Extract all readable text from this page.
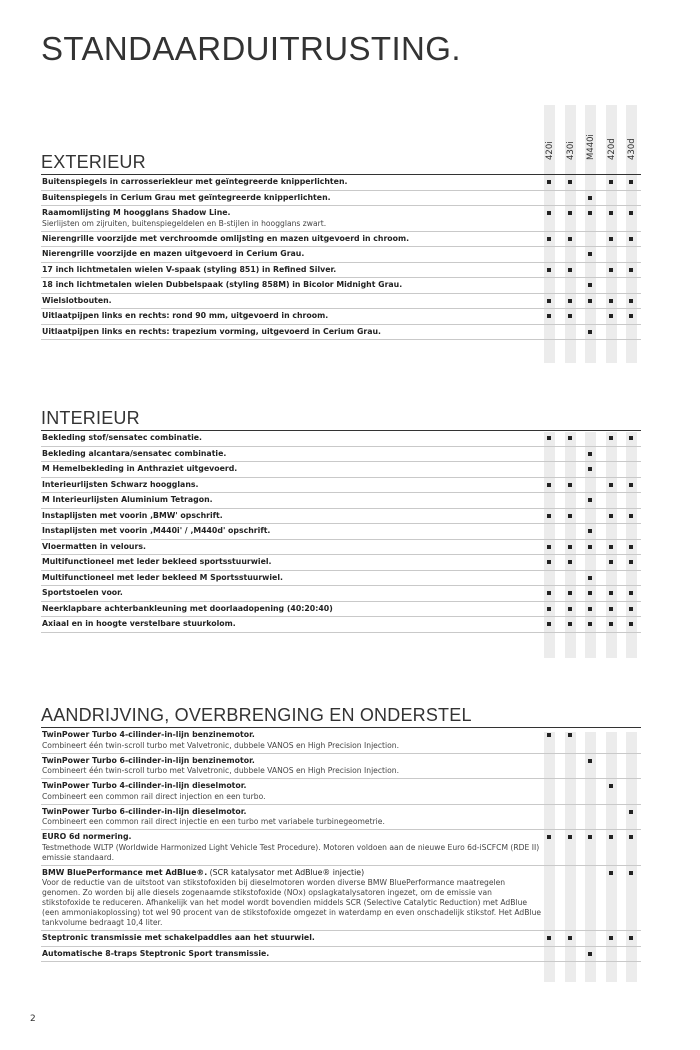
STANDAARDUITRUSTING.
EXTERIEUR
420i 430i M440i 420d 430d
Buitenspiegels in carrosseriekleur met geïntegreerde knipperlichten.
Buitenspiegels in Cerium Grau met geïntegreerde knipperlichten.
Raamomlijsting M hoogglans Shadow Line.
Sierlijsten om zijruiten, buitenspiegeldelen en B-stijlen in hoogglans zwart.
Nierengrille voorzijde met verchroomde omlijsting en mazen uitgevoerd in chroom.
Nierengrille voorzijde en mazen uitgevoerd in Cerium Grau.
17 inch lichtmetalen wielen V-spaak (styling 851) in Refined Silver.
18 inch lichtmetalen wielen Dubbelspaak (styling 858M) in Bicolor Midnight Grau.
Wielslotbouten.
Uitlaatpijpen links en rechts: rond 90 mm, uitgevoerd in chroom.
Uitlaatpijpen links en rechts: trapezium vorming, uitgevoerd in Cerium Grau.
INTERIEUR
Bekleding stof/sensatec combinatie.
Bekleding alcantara/sensatec combinatie.
M Hemelbekleding in Anthraziet uitgevoerd.
Interieurlijsten Schwarz hoogglans.
M Interieurlijsten Aluminium Tetragon.
Instaplijsten met voorin ‚BMW' opschrift.
Instaplijsten met voorin ‚M440i' / ‚M440d' opschrift.
Vloermatten in velours.
Multifunctioneel met leder bekleed sportsstuurwiel.
Multifunctioneel met leder bekleed M Sportsstuurwiel.
Sportstoelen voor.
Neerklapbare achterbankleuning met doorlaadopening (40:20:40)
Axiaal en in hoogte verstelbare stuurkolom.
AANDRIJVING, OVERBRENGING EN ONDERSTEL
TwinPower Turbo 4-cilinder-in-lijn benzinemotor.
Combineert één twin-scroll turbo met Valvetronic, dubbele VANOS en High Precision Injection.
TwinPower Turbo 6-cilinder-in-lijn benzinemotor.
Combineert één twin-scroll turbo met Valvetronic, dubbele VANOS en High Precision Injection.
TwinPower Turbo 4-cilinder-in-lijn dieselmotor.
Combineert een common rail direct injection en een turbo.
TwinPower Turbo 6-cilinder-in-lijn dieselmotor.
Combineert een common rail direct injectie en een turbo met variabele turbinegeometrie.
EURO 6d normering.
Testmethode WLTP (Worldwide Harmonized Light Vehicle Test Procedure). Motoren voldoen aan de nieuwe Euro 6d-iSCFCM (RDE II) emissie standaard.
BMW BluePerformance met AdBlue®. (SCR katalysator met AdBlue® injectie)
Voor de reductie van de uitstoot van stikstofoxiden bij dieselmotoren worden diverse BMW BluePerformance maatregelen genomen. Zo worden bij alle diesels zogenaamde stikstofoxide (NOx) opslagkatalysatoren ingezet, om de emissie van stikstofoxide te reduceren. Afhankelijk van het model wordt bovendien middels SCR (Selective Catalytic Reduction) met AdBlue (een ammoniakoplossing) tot wel 90 procent van de stikstofoxide omgezet in waterdamp en even onschadelijk stikstof. Het AdBlue tankvolume bedraagt 10,4 liter.
Steptronic transmissie met schakelpaddles aan het stuurwiel.
Automatische 8-traps Steptronic Sport transmissie.
2
